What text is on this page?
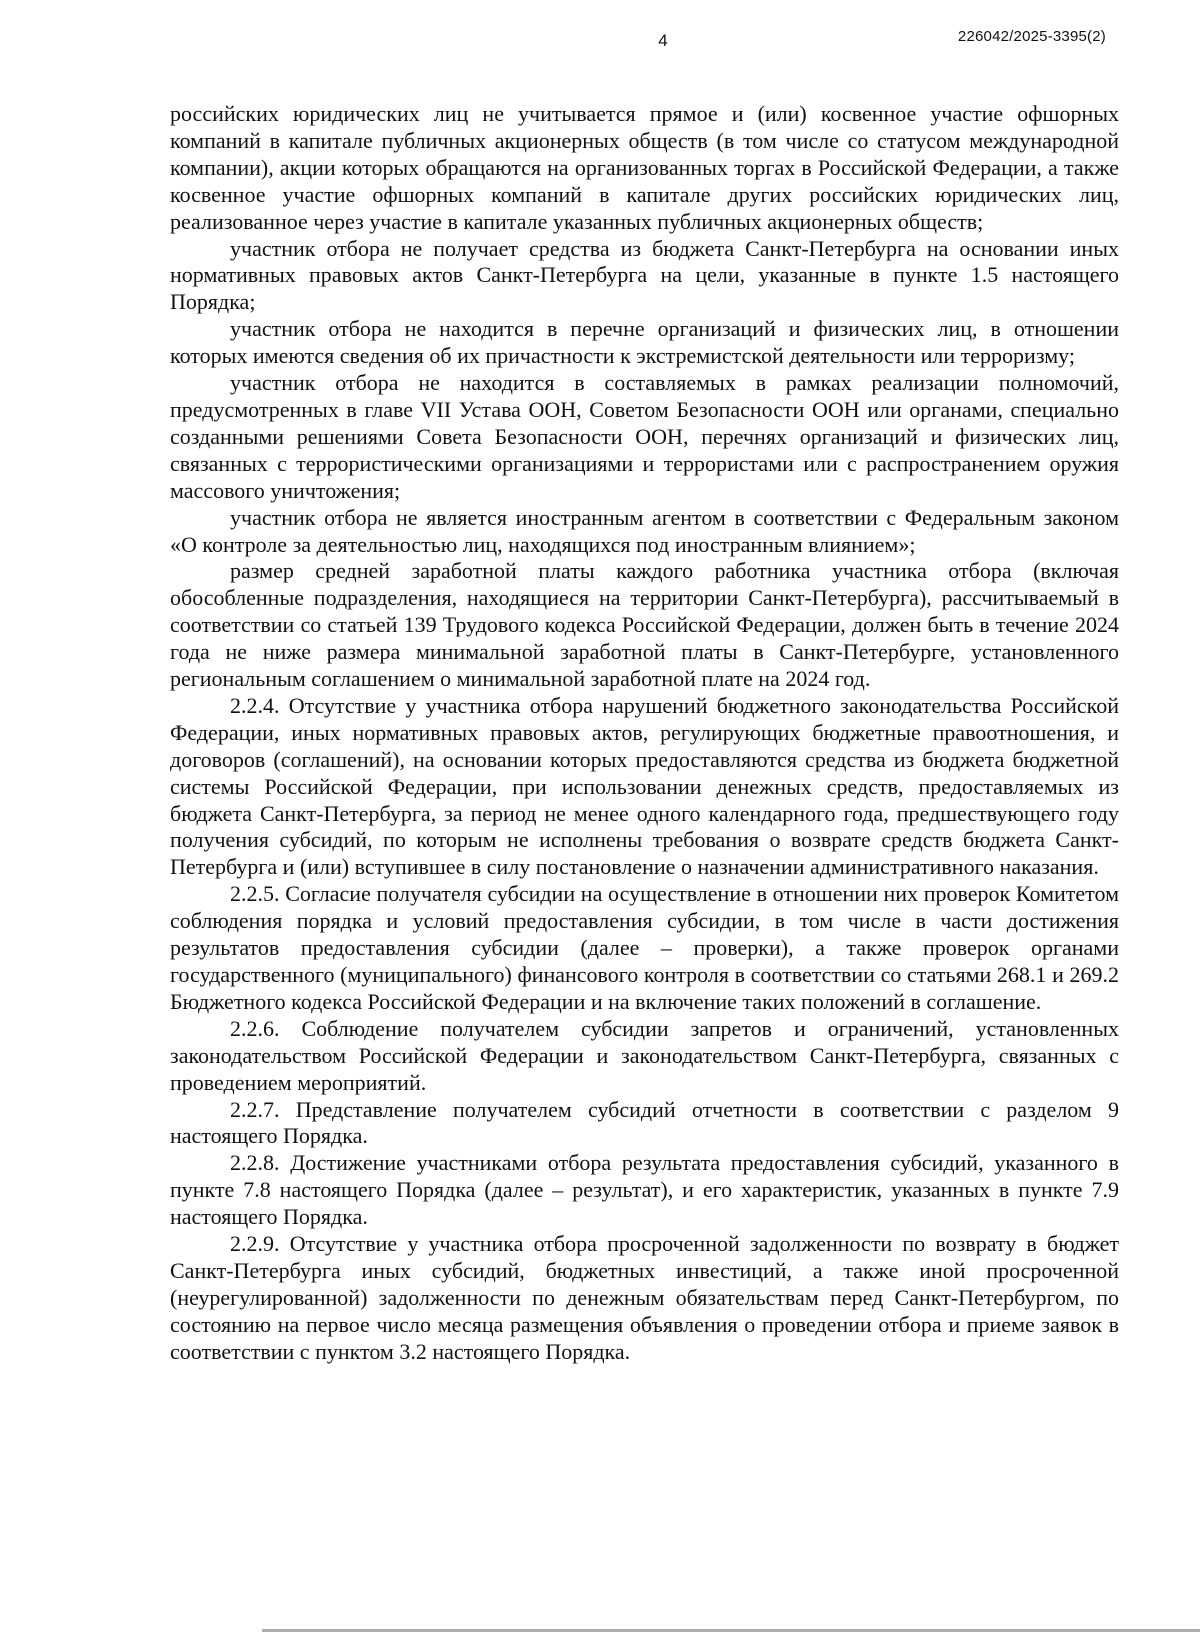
4	226042/2025-3395(2)

российских юридических лиц не учитывается прямое и (или) косвенное участие офшорных компаний в капитале публичных акционерных обществ (в том числе со статусом международной компании), акции которых обращаются на организованных торгах в Российской Федерации, а также косвенное участие офшорных компаний в капитале других российских юридических лиц, реализованное через участие в капитале указанных публичных акционерных обществ;

участник отбора не получает средства из бюджета Санкт-Петербурга на основании иных нормативных правовых актов Санкт-Петербурга на цели, указанные в пункте 1.5 настоящего Порядка;

участник отбора не находится в перечне организаций и физических лиц, в отношении которых имеются сведения об их причастности к экстремистской деятельности или терроризму;

участник отбора не находится в составляемых в рамках реализации полномочий, предусмотренных в главе VII Устава ООН, Советом Безопасности ООН или органами, специально созданными решениями Совета Безопасности ООН, перечнях организаций и физических лиц, связанных с террористическими организациями и террористами или с распространением оружия массового уничтожения;

участник отбора не является иностранным агентом в соответствии с Федеральным законом «О контроле за деятельностью лиц, находящихся под иностранным влиянием»;

размер средней заработной платы каждого работника участника отбора (включая обособленные подразделения, находящиеся на территории Санкт-Петербурга), рассчитываемый в соответствии со статьей 139 Трудового кодекса Российской Федерации, должен быть в течение 2024 года не ниже размера минимальной заработной платы в Санкт-Петербурге, установленного региональным соглашением о минимальной заработной плате на 2024 год.

2.2.4. Отсутствие у участника отбора нарушений бюджетного законодательства Российской Федерации, иных нормативных правовых актов, регулирующих бюджетные правоотношения, и договоров (соглашений), на основании которых предоставляются средства из бюджета бюджетной системы Российской Федерации, при использовании денежных средств, предоставляемых из бюджета Санкт-Петербурга, за период не менее одного календарного года, предшествующего году получения субсидий, по которым не исполнены требования о возврате средств бюджета Санкт-Петербурга и (или) вступившее в силу постановление о назначении административного наказания.

2.2.5. Согласие получателя субсидии на осуществление в отношении них проверок Комитетом соблюдения порядка и условий предоставления субсидии, в том числе в части достижения результатов предоставления субсидии (далее – проверки), а также проверок органами государственного (муниципального) финансового контроля в соответствии со статьями 268.1 и 269.2 Бюджетного кодекса Российской Федерации и на включение таких положений в соглашение.

2.2.6. Соблюдение получателем субсидии запретов и ограничений, установленных законодательством Российской Федерации и законодательством Санкт-Петербурга, связанных с проведением мероприятий.

2.2.7. Представление получателем субсидий отчетности в соответствии с разделом 9 настоящего Порядка.

2.2.8. Достижение участниками отбора результата предоставления субсидий, указанного в пункте 7.8 настоящего Порядка (далее – результат), и его характеристик, указанных в пункте 7.9 настоящего Порядка.

2.2.9. Отсутствие у участника отбора просроченной задолженности по возврату в бюджет Санкт-Петербурга иных субсидий, бюджетных инвестиций, а также иной просроченной (неурегулированной) задолженности по денежным обязательствам перед Санкт-Петербургом, по состоянию на первое число месяца размещения объявления о проведении отбора и приеме заявок в соответствии с пунктом 3.2 настоящего Порядка.
